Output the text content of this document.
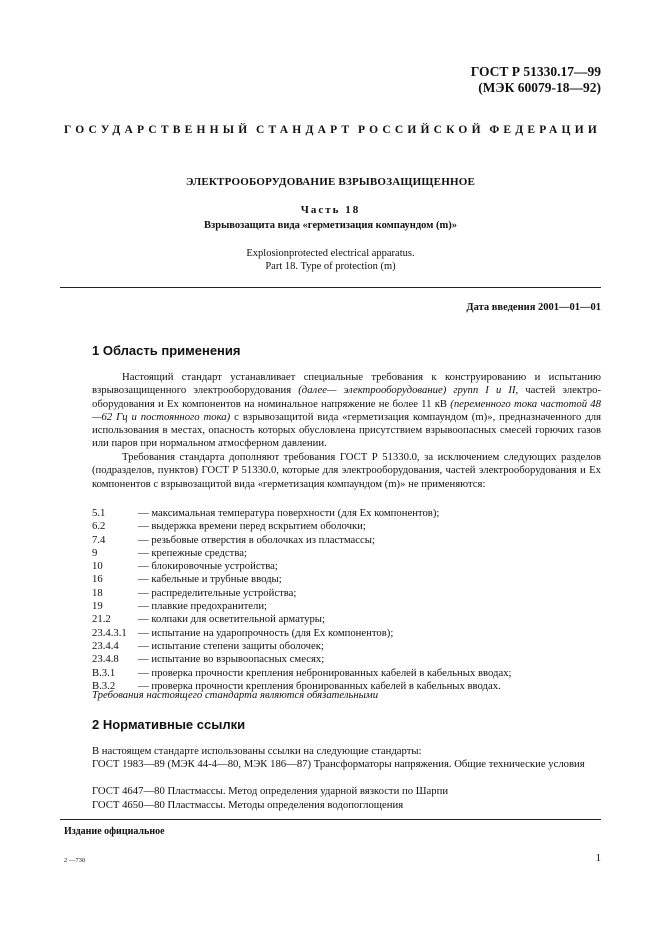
ГОСТ Р 51330.17—99
(МЭК 60079-18—92)
ГОСУДАРСТВЕННЫЙ СТАНДАРТ РОССИЙСКОЙ ФЕДЕРАЦИИ
ЭЛЕКТРООБОРУДОВАНИЕ ВЗРЫВОЗАЩИЩЕННОЕ
Часть 18
Взрывозащита вида «герметизация компаундом (m)»
Explosionprotected electrical apparatus.
Part 18. Type of protection (m)
Дата введения 2001—01—01
1 Область применения
Настоящий стандарт устанавливает специальные требования к конструированию и испытанию взрывозащищенного электрооборудования (далее— электрооборудование) групп I и II, частей электрооборудования и Ex компонентов на номинальное напряжение не более 11 кВ (переменного тока частотой 48—62 Гц и постоянного тока) с взрывозащитой вида «герметизация компаундом (m)», предназначенного для использования в местах, опасность которых обусловлена присутствием взрывоопасных смесей горючих газов или паров при нормальном атмосферном давлении.
Требования стандарта дополняют требования ГОСТ Р 51330.0, за исключением следующих разделов (подразделов, пунктов) ГОСТ Р 51330.0, которые для электрооборудования, частей электрооборудования и Ex компонентов с взрывозащитой вида «герметизация компаундом (m)» не применяются:
5.1	— максимальная температура поверхности (для Ex компонентов);
6.2	— выдержка времени перед вскрытием оболочки;
7.4	— резьбовые отверстия в оболочках из пластмассы;
9	— крепежные средства;
10	— блокировочные устройства;
16	— кабельные и трубные вводы;
18	— распределительные устройства;
19	— плавкие предохранители;
21.2	— колпаки для осветительной арматуры;
23.4.3.1	— испытание на ударопрочность (для Ex компонентов);
23.4.4	— испытание степени защиты оболочек;
23.4.8	— испытание во взрывоопасных смесях;
B.3.1	— проверка прочности крепления небронированных кабелей в кабельных вводах;
B.3.2	— проверка прочности крепления бронированных кабелей в кабельных вводах.
Требования настоящего стандарта являются обязательными
2 Нормативные ссылки
В настоящем стандарте использованы ссылки на следующие стандарты:
ГОСТ 1983—89 (МЭК 44-4—80, МЭК 186—87) Трансформаторы напряжения. Общие технические условия
ГОСТ 4647—80 Пластмассы. Метод определения ударной вязкости по Шарпи
ГОСТ 4650—80 Пластмассы. Методы определения водопоглощения
Издание официальное
2 —730	1
